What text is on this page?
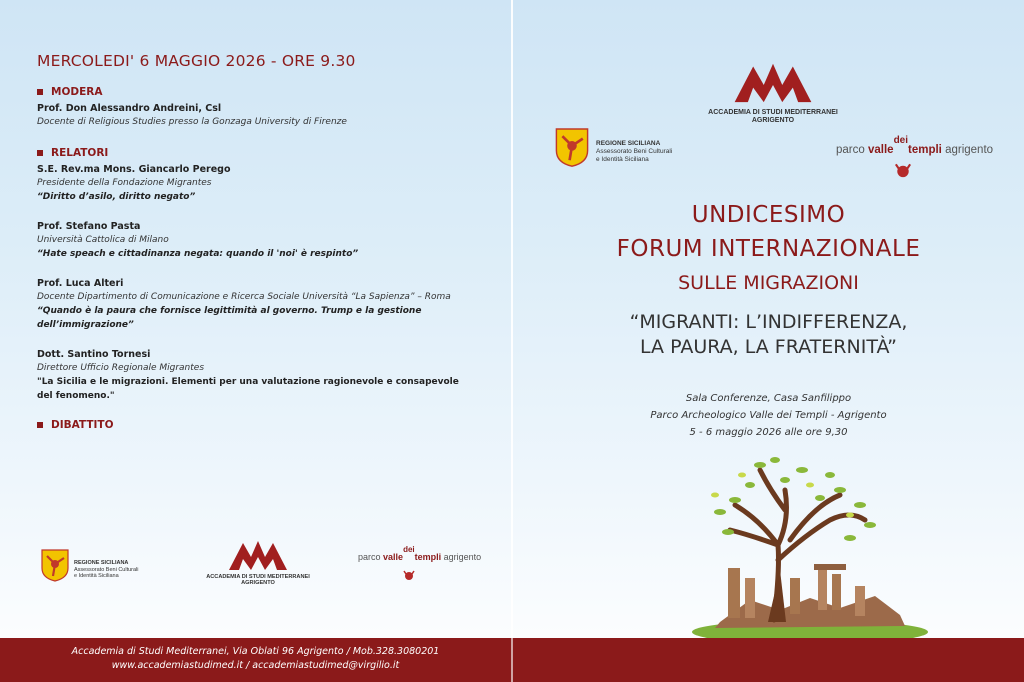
MERCOLEDI' 6 MAGGIO 2026 - ORE 9.30
MODERA
Prof. Don Alessandro Andreini, Csl
Docente di Religious Studies presso la Gonzaga University di Firenze
RELATORI
S.E. Rev.ma Mons. Giancarlo Perego
Presidente della Fondazione Migrantes
“Diritto d’asilo, diritto negato”
Prof. Stefano Pasta
Università Cattolica di Milano
“Hate speach e cittadinanza negata: quando il 'noi' è respinto”
Prof. Luca Alteri
Docente Dipartimento di Comunicazione e Ricerca Sociale Università “La Sapienza” – Roma
“Quando è la paura che fornisce legittimità al governo. Trump e la gestione dell’immigrazione”
Dott. Santino Tornesi
Direttore Ufficio Regionale Migrantes
"La Sicilia e le migrazioni. Elementi per una valutazione ragionevole e consapevole del fenomeno."
DIBATTITO
REGIONE SICILIANA
Assessorato Beni Culturali
e Identità Siciliana	ACCADEMIA DI STUDI MEDITERRANEI
AGRIGENTO
parco
valle
dei
templi
agrigento
ACCADEMIA DI STUDI MEDITERRANEI
AGRIGENTO
REGIONE SICILIANA
Assessorato Beni Culturali
e Identità Siciliana
parco
valle
dei
templi
agrigento
UNDICESIMO
FORUM INTERNAZIONALE
SULLE MIGRAZIONI
“MIGRANTI: L’INDIFFERENZA,
LA PAURA, LA FRATERNITÀ”
Sala Conferenze, Casa Sanfilippo
Parco Archeologico Valle dei Templi - Agrigento
5 - 6 maggio 2026 alle ore 9,30
Accademia di Studi Mediterranei, Via Oblati 96 Agrigento / Mob.328.3080201
www.accademiastudimed.it / accademiastudimed@virgilio.it
